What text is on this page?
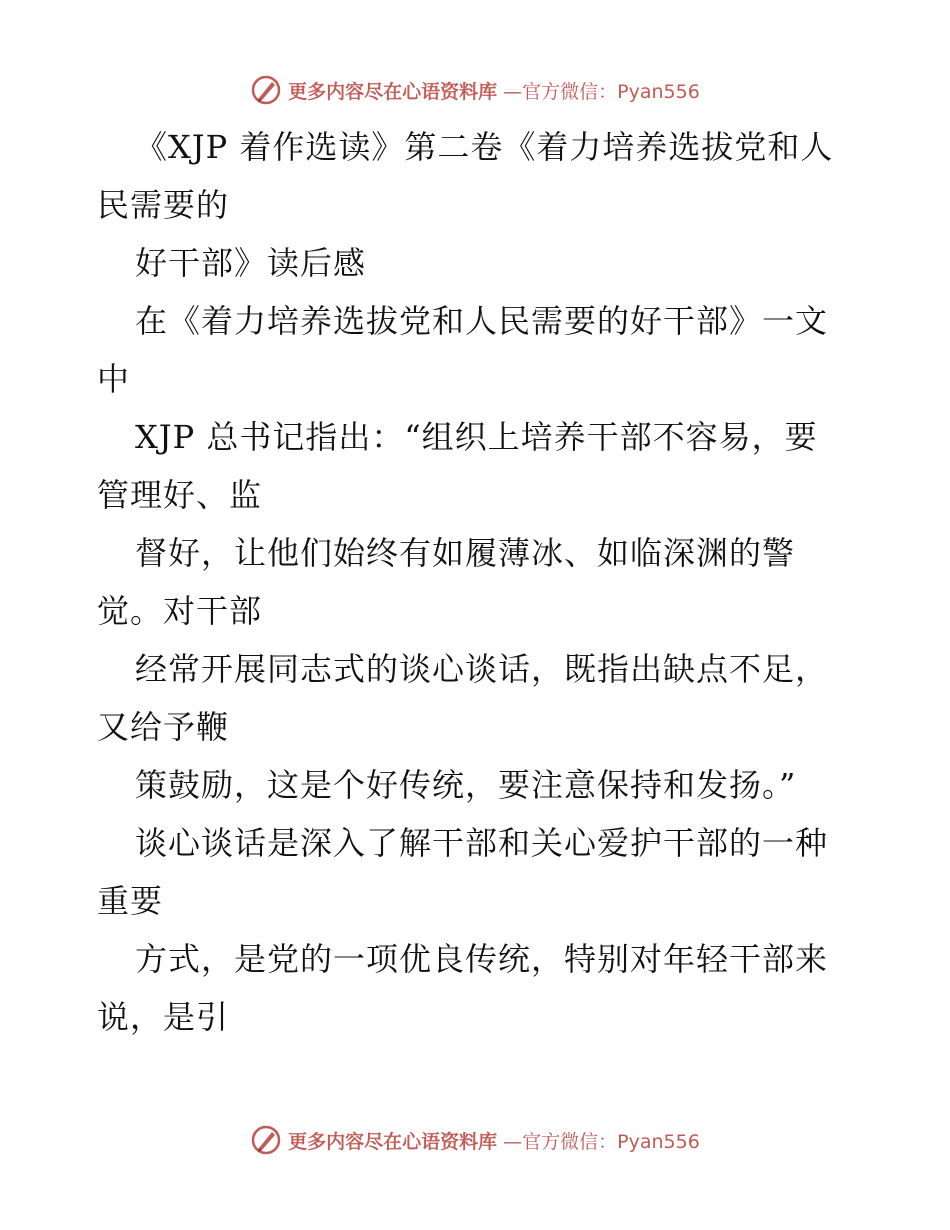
更多内容尽在心语资料库 —官方微信：Pyan556
《XJP 着作选读》第二卷《着力培养选拔党和人
民需要的
好干部》读后感
在《着力培养选拔党和人民需要的好干部》一文
中
XJP 总书记指出：“组织上培养干部不容易，要
管理好、监
督好，让他们始终有如履薄冰、如临深渊的警
觉。对干部
经常开展同志式的谈心谈话，既指出缺点不足，
又给予鞭
策鼓励，这是个好传统，要注意保持和发扬。”
谈心谈话是深入了解干部和关心爱护干部的一种
重要
方式，是党的一项优良传统，特别对年轻干部来
说，是引
更多内容尽在心语资料库 —官方微信：Pyan556
